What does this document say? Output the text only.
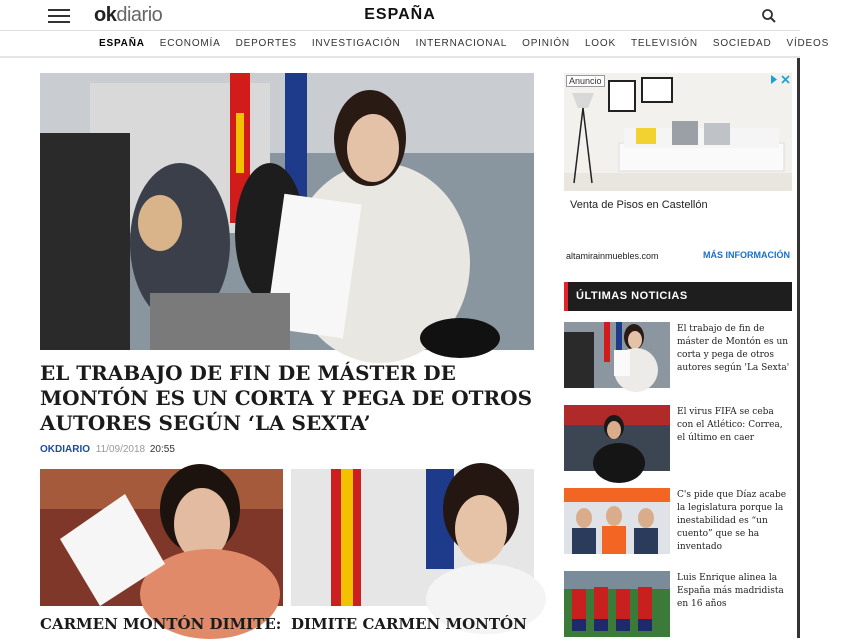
okdiario	ESPAÑA
ESPAÑA ECONOMÍA DEPORTES INVESTIGACIÓN INTERNACIONAL OPINIÓN LOOK TELEVISIÓN SOCIEDAD VÍDEOS
EL TRABAJO DE FIN DE MÁSTER DE MONTÓN ES UN CORTA Y PEGA DE OTROS AUTORES SEGÚN ‘LA SEXTA’
OKDIARIO 11/09/2018 20:55
CARMEN MONTÓN DIMITE: DIMITE CARMEN MONTÓN
Anuncio
Venta de Pisos en Castellón
altamirainmuebles.com	MÁS INFORMACIÓN
ÚLTIMAS NOTICIAS
El trabajo de fin de máster de Montón es un corta y pega de otros autores según 'La Sexta'
El virus FIFA se ceba con el Atlético: Correa, el último en caer
C's pide que Díaz acabe la legislatura porque la inestabilidad es “un cuento” que se ha inventado
Luis Enrique alinea la España más madridista en 16 años
